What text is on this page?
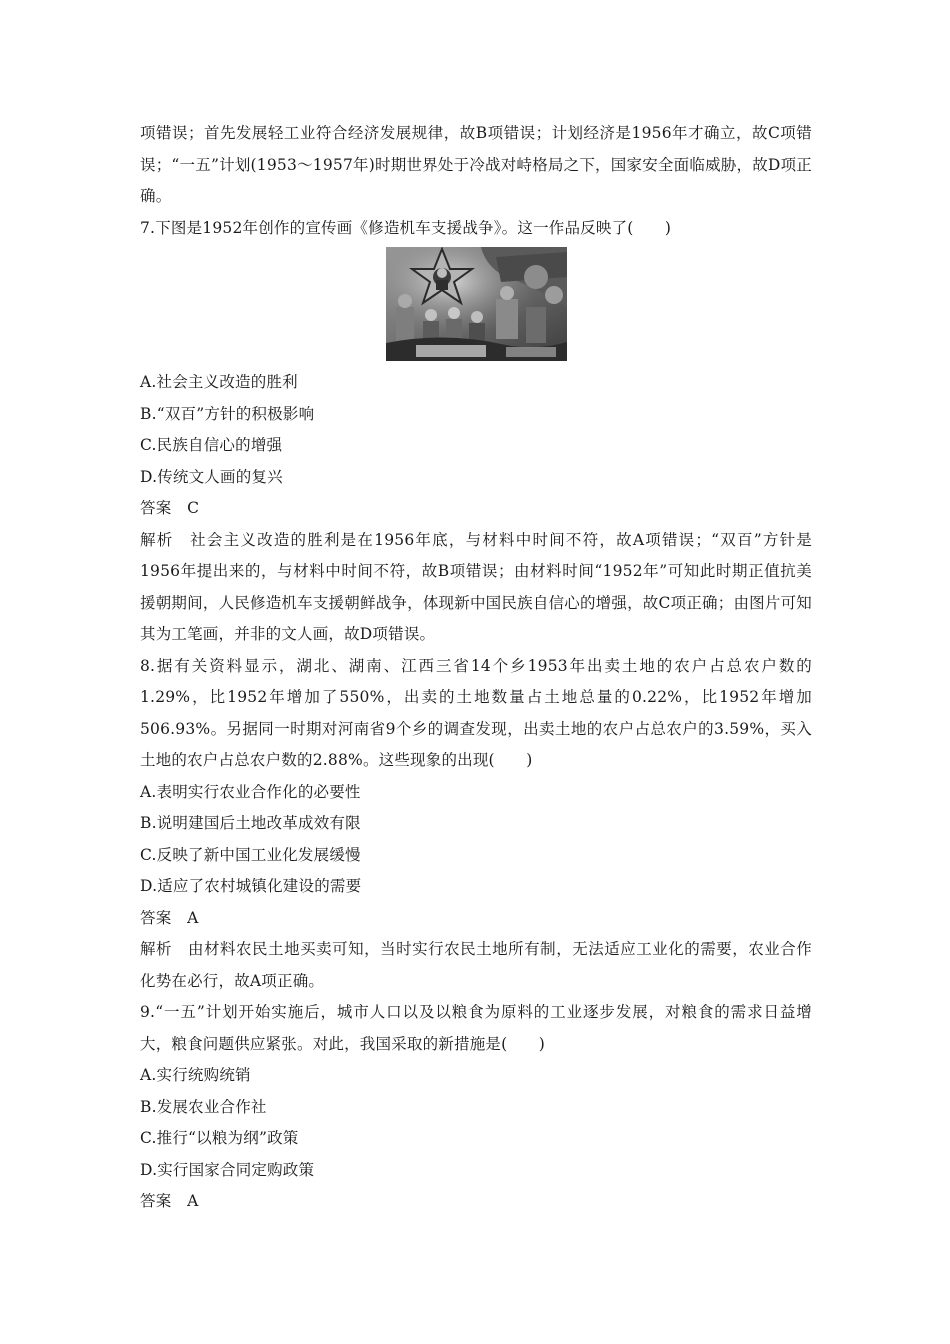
项错误；首先发展轻工业符合经济发展规律，故B项错误；计划经济是1956年才确立，故C项错误；“一五”计划(1953～1957年)时期世界处于冷战对峙格局之下，国家安全面临威胁，故D项正确。

7.下图是1952年创作的宣传画《修造机车支援战争》。这一作品反映了(　　)

A.社会主义改造的胜利

B.“双百”方针的积极影响

C.民族自信心的增强

D.传统文人画的复兴

答案　C

解析　社会主义改造的胜利是在1956年底，与材料中时间不符，故A项错误；“双百”方针是1956年提出来的，与材料中时间不符，故B项错误；由材料时间“1952年”可知此时期正值抗美援朝期间，人民修造机车支援朝鲜战争，体现新中国民族自信心的增强，故C项正确；由图片可知其为工笔画，并非的文人画，故D项错误。

8.据有关资料显示，湖北、湖南、江西三省14个乡1953年出卖土地的农户占总农户数的1.29%，比1952年增加了550%，出卖的土地数量占土地总量的0.22%，比1952年增加506.93%。另据同一时期对河南省9个乡的调查发现，出卖土地的农户占总农户的3.59%，买入土地的农户占总农户数的2.88%。这些现象的出现(　　)

A.表明实行农业合作化的必要性

B.说明建国后土地改革成效有限

C.反映了新中国工业化发展缓慢

D.适应了农村城镇化建设的需要

答案　A

解析　由材料农民土地买卖可知，当时实行农民土地所有制，无法适应工业化的需要，农业合作化势在必行，故A项正确。

9.“一五”计划开始实施后，城市人口以及以粮食为原料的工业逐步发展，对粮食的需求日益增大，粮食问题供应紧张。对此，我国采取的新措施是(　　)

A.实行统购统销

B.发展农业合作社

C.推行“以粮为纲”政策

D.实行国家合同定购政策

答案　A
